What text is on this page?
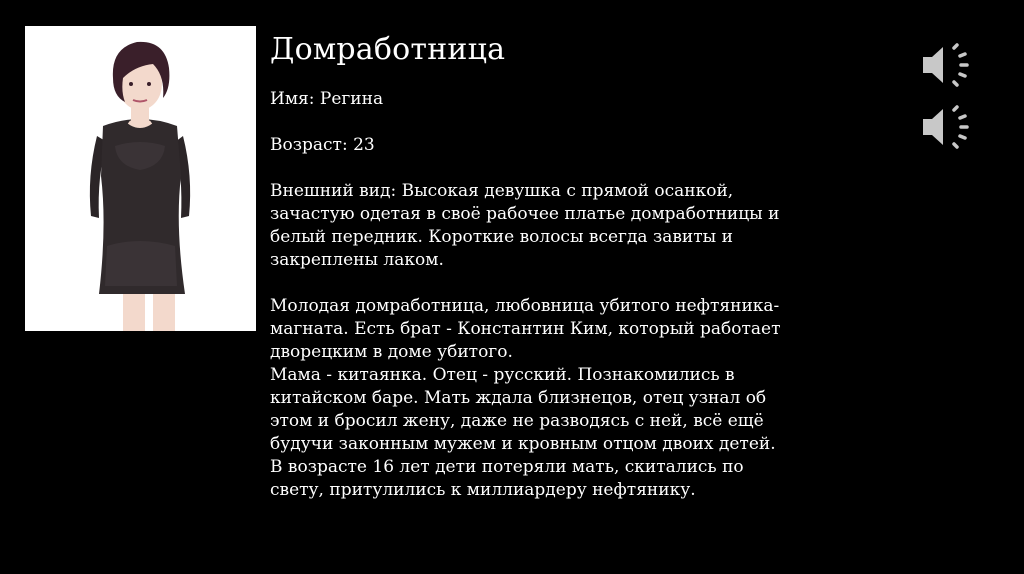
Домработница

Имя: Регина

Возраст: 23

Внешний вид: Высокая девушка с прямой осанкой,
зачастую одетая в своё рабочее платье домработницы и
белый передник. Короткие волосы всегда завиты и
закреплены лаком.

Молодая домработница, любовница убитого нефтяника-
магната. Есть брат - Константин Ким, который работает
дворецким в доме убитого.
Мама - китаянка. Отец - русский. Познакомились в
китайском баре. Мать ждала близнецов, отец узнал об
этом и бросил жену, даже не разводясь с ней, всё ещё
будучи законным мужем и кровным отцом двоих детей.
В возрасте 16 лет дети потеряли мать, скитались по
свету, притулились к миллиардеру нефтянику.
